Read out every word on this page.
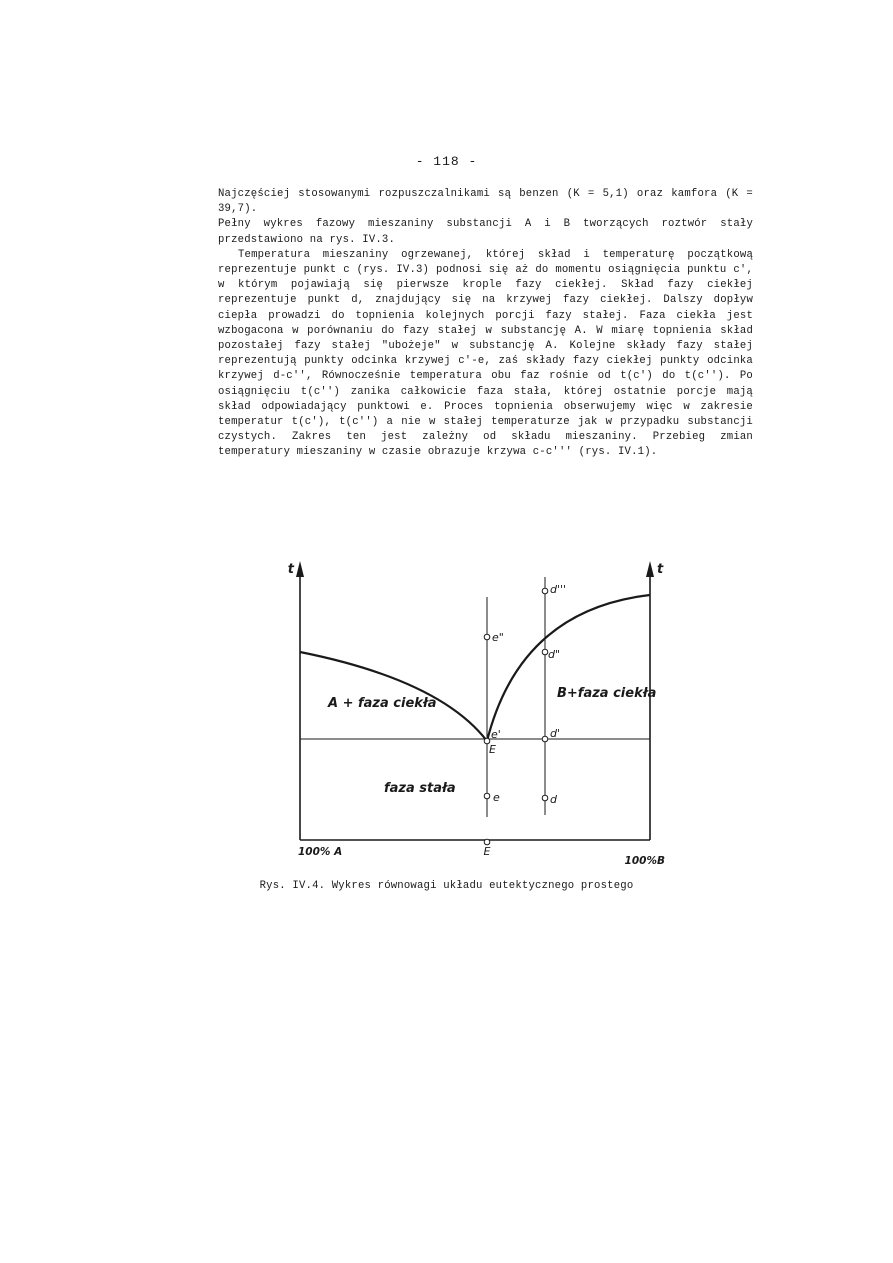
- 118 -

Najczęściej stosowanymi rozpuszczalnikami są benzen (K = 5,1) oraz kamfora (K = 39,7).

Pełny wykres fazowy mieszaniny substancji A i B tworzących roztwór stały przedstawiono na rys. IV.3.

Temperatura mieszaniny ogrzewanej, której skład i temperaturę początkową reprezentuje punkt c (rys. IV.3) podnosi się aż do momentu osiągnięcia punktu c', w którym pojawiają się pierwsze krople fazy ciekłej. Skład fazy ciekłej reprezentuje punkt d, znajdujący się na krzywej fazy ciekłej. Dalszy dopływ ciepła prowadzi do topnienia kolejnych porcji fazy stałej. Faza ciekła jest wzbogacona w porównaniu do fazy stałej w substancję A. W miarę topnienia skład pozostałej fazy stałej "ubożeje" w substancję A. Kolejne składy fazy stałej reprezentują punkty odcinka krzywej c'-e, zaś składy fazy ciekłej punkty odcinka krzywej d-c'', Równocześnie temperatura obu faz rośnie od t(c') do t(c''). Po osiągnięciu t(c'') zanika całkowicie faza stała, której ostatnie porcje mają skład odpowiadający punktowi e. Proces topnienia obserwujemy więc w zakresie temperatur t(c'), t(c'') a nie w stałej temperaturze jak w przypadku substancji czystych. Zakres ten jest zależny od składu mieszaniny. Przebieg zmian temperatury mieszaniny w czasie obrazuje krzywa c-c''' (rys. IV.1).

t	t
A + faza ciekła
B+faza ciekła
faza stała
e"
e'
E
e
E
d'''
d"
d'
d
100% A
100%B
Rys. IV.4. Wykres równowagi układu eutektycznego prostego
